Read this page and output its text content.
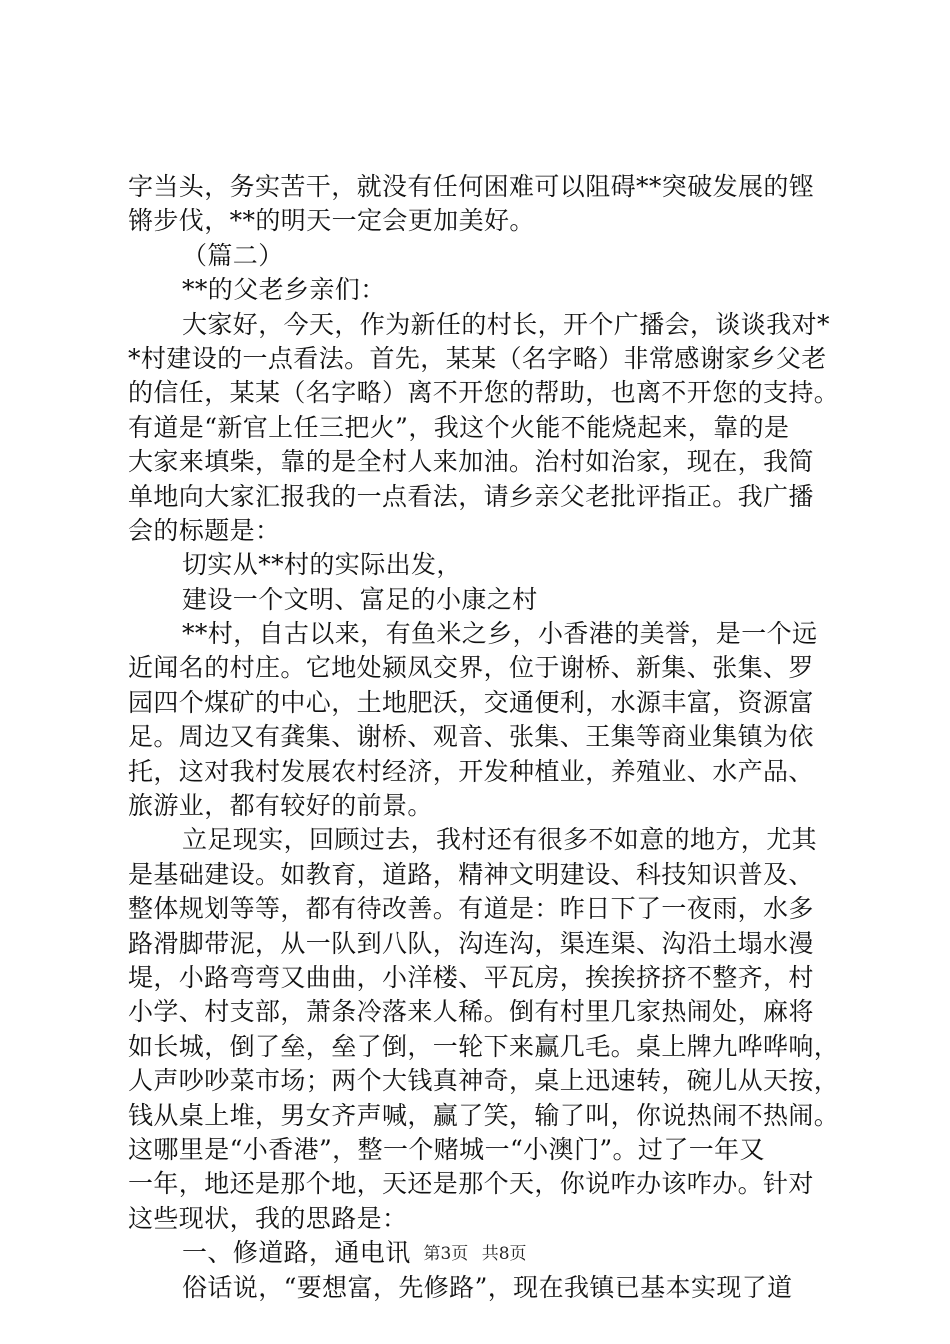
字当头，务实苦干，就没有任何困难可以阻碍**突破发展的铿
锵步伐，**的明天一定会更加美好。
（篇二）
**的父老乡亲们：
大家好，今天，作为新任的村长，开个广播会，谈谈我对*
*村建设的一点看法。首先，某某（名字略）非常感谢家乡父老
的信任，某某（名字略）离不开您的帮助，也离不开您的支持。
有道是“新官上任三把火”，我这个火能不能烧起来，靠的是
大家来填柴，靠的是全村人来加油。治村如治家，现在，我简
单地向大家汇报我的一点看法，请乡亲父老批评指正。我广播
会的标题是：
切实从**村的实际出发，
建设一个文明、富足的小康之村
**村，自古以来，有鱼米之乡，小香港的美誉，是一个远
近闻名的村庄。它地处颍凤交界，位于谢桥、新集、张集、罗
园四个煤矿的中心，土地肥沃，交通便利，水源丰富，资源富
足。周边又有龚集、谢桥、观音、张集、王集等商业集镇为依
托，这对我村发展农村经济，开发种植业，养殖业、水产品、
旅游业，都有较好的前景。
立足现实，回顾过去，我村还有很多不如意的地方，尤其
是基础建设。如教育，道路，精神文明建设、科技知识普及、
整体规划等等，都有待改善。有道是：昨日下了一夜雨，水多
路滑脚带泥，从一队到八队，沟连沟，渠连渠、沟沿土塌水漫
堤，小路弯弯又曲曲，小洋楼、平瓦房，挨挨挤挤不整齐，村
小学、村支部，萧条冷落来人稀。倒有村里几家热闹处，麻将
如长城，倒了垒，垒了倒，一轮下来赢几毛。桌上牌九哗哗响，
人声吵吵菜市场；两个大钱真神奇，桌上迅速转，碗儿从天按，
钱从桌上堆，男女齐声喊，赢了笑，输了叫，你说热闹不热闹。
这哪里是“小香港”，整一个赌城一“小澳门”。过了一年又
一年，地还是那个地，天还是那个天，你说咋办该咋办。针对
这些现状，我的思路是：
一、修道路，通电讯
俗话说，“要想富，先修路”，现在我镇已基本实现了道
第3页 共8页
